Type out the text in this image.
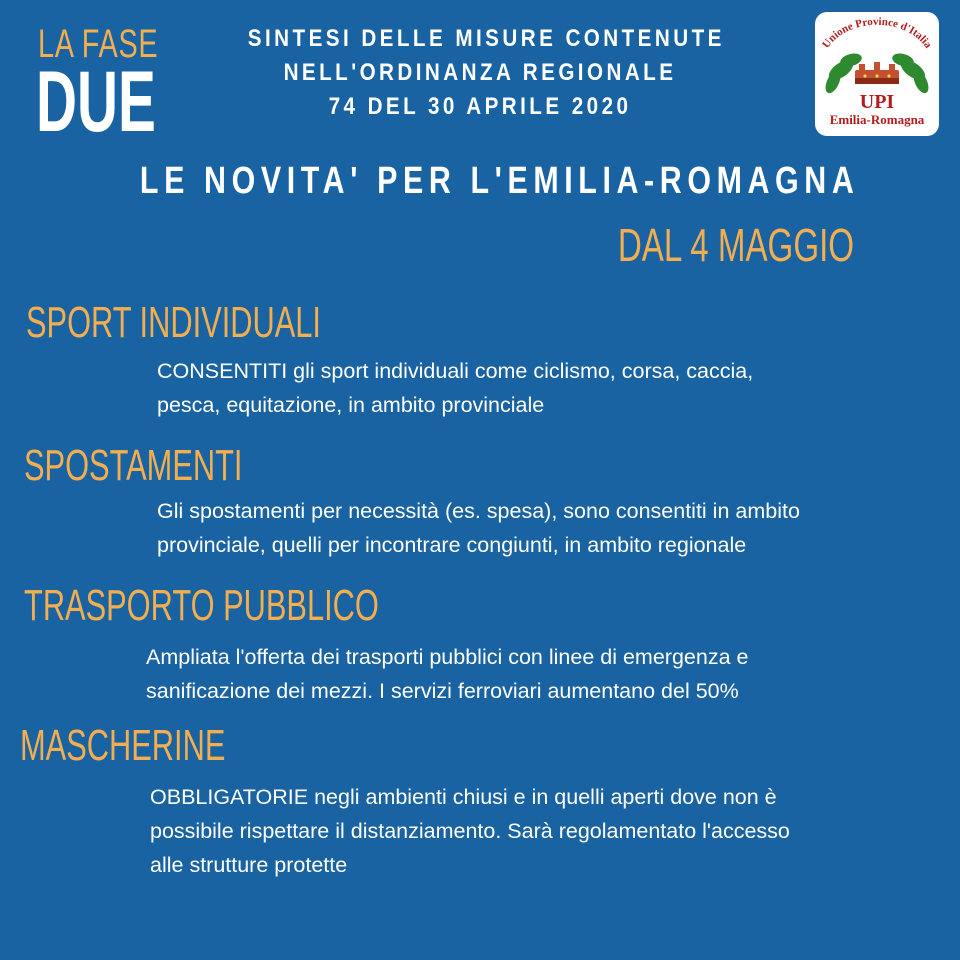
LA FASE
DUE
SINTESI DELLE MISURE CONTENUTE
NELL'ORDINANZA REGIONALE
74 DEL 30 APRILE 2020
Unione Province d'Italia
UPI
Emilia-Romagna
LE NOVITA' PER L'EMILIA-ROMAGNA
DAL 4 MAGGIO
SPORT INDIVIDUALI
CONSENTITI gli sport individuali come ciclismo, corsa, caccia,
pesca, equitazione, in ambito provinciale
SPOSTAMENTI
Gli spostamenti per necessità (es. spesa), sono consentiti in ambito
provinciale, quelli per incontrare congiunti, in ambito regionale
TRASPORTO PUBBLICO
Ampliata l'offerta dei trasporti pubblici con linee di emergenza e
sanificazione dei mezzi. I servizi ferroviari aumentano del 50%
MASCHERINE
OBBLIGATORIE negli ambienti chiusi e in quelli aperti dove non è
possibile rispettare il distanziamento. Sarà regolamentato l'accesso
alle strutture protette
